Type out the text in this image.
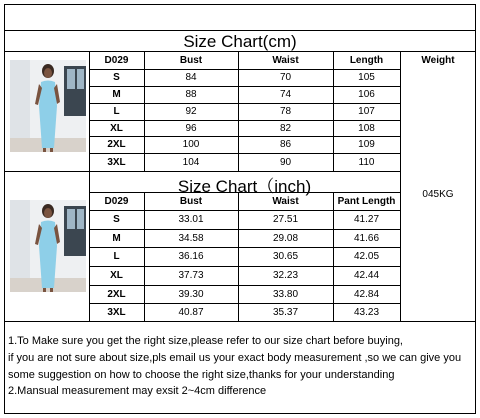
Size Chart(cm)
Size Chart（inch)
D029	Bust	Waist	Length	Weight
S	84	70	105
M	88	74	106
L	92	78	107
XL	96	82	108
2XL	100	86	109
3XL	104	90	110
045KG
D029	Bust	Waist	Pant Length
S	33.01	27.51	41.27
M	34.58	29.08	41.66
L	36.16	30.65	42.05
XL	37.73	32.23	42.44
2XL	39.30	33.80	42.84
3XL	40.87	35.37	43.23
1.To Make sure you get the right size,please refer to our size chart before buying,
if you are not sure about size,pls email us your exact body measurement ,so we can give you
some suggestion on how to choose the right size,thanks for your understanding
2.Mansual measurement may exsit 2~4cm difference
